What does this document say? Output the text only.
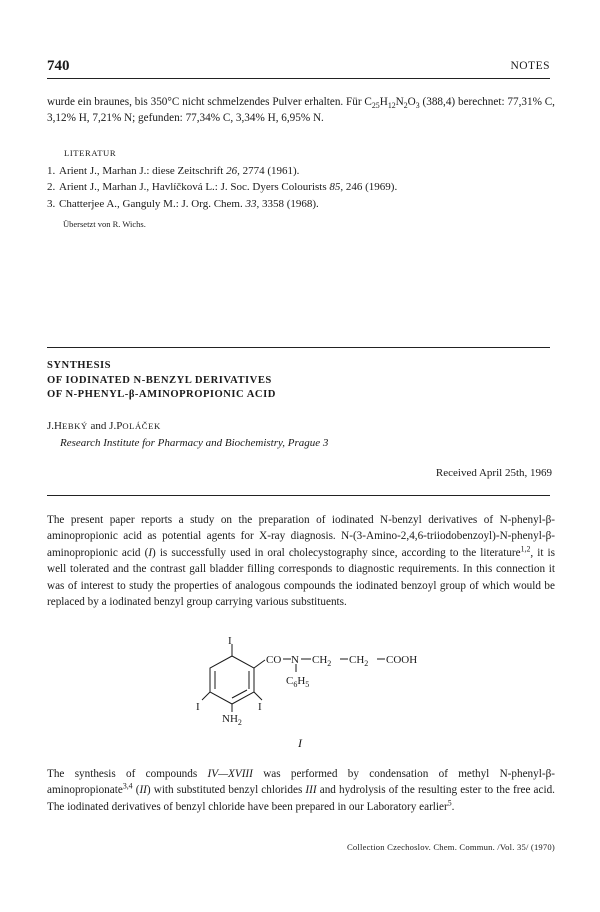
740	NOTES
wurde ein braunes, bis 350°C nicht schmelzendes Pulver erhalten. Für $C_{25}H_{12}N_2O_3$ (388,4) berechnet: 77,31% C, 3,12% H, 7,21% N; gefunden: 77,34% C, 3,34% H, 6,95% N.
LITERATUR
1. Arient J., Marhan J.: diese Zeitschrift 26, 2774 (1961).
2. Arient J., Marhan J., Havlíčková L.: J. Soc. Dyers Colourists 85, 246 (1969).
3. Chatterjee A., Ganguly M.: J. Org. Chem. 33, 3358 (1968).
Übersetzt von R. Wichs.
SYNTHESIS
OF IODINATED N-BENZYL DERIVATIVES
OF N-PHENYL-β-AMINOPROPIONIC ACID
J.HEBKÝ and J.POLÁČEK
Research Institute for Pharmacy and Biochemistry, Prague 3
Received April 25th, 1969
The present paper reports a study on the preparation of iodinated N-benzyl derivatives of N-phenyl-β-aminopropionic acid as potential agents for X-ray diagnosis. N-(3-Amino-2,4,6-triiodobenzoyl)-N-phenyl-β-aminopropionic acid (I) is successfully used in oral cholecystography since, according to the literature$^{1,2}$, it is well tolerated and the contrast gall bladder filling corresponds to diagnostic requirements. In this connection it was of interest to study the properties of analogous compounds the iodinated benzoyl group of which would be replaced by a iodinated benzyl group carrying various substituents.
I
CO N $CH_2$ $CH_2$ COOH
$C_6H_5$
I
I
$NH_2$
I
The synthesis of compounds IV—XVIII was performed by condensation of methyl N-phenyl-β-aminopropionate$^{3,4}$ (II) with substituted benzyl chlorides III and hydrolysis of the resulting ester to the free acid. The iodinated derivatives of benzyl chloride have been prepared in our Laboratory earlier$^5$.
Collection Czechoslov. Chem. Commun. /Vol. 35/ (1970)
